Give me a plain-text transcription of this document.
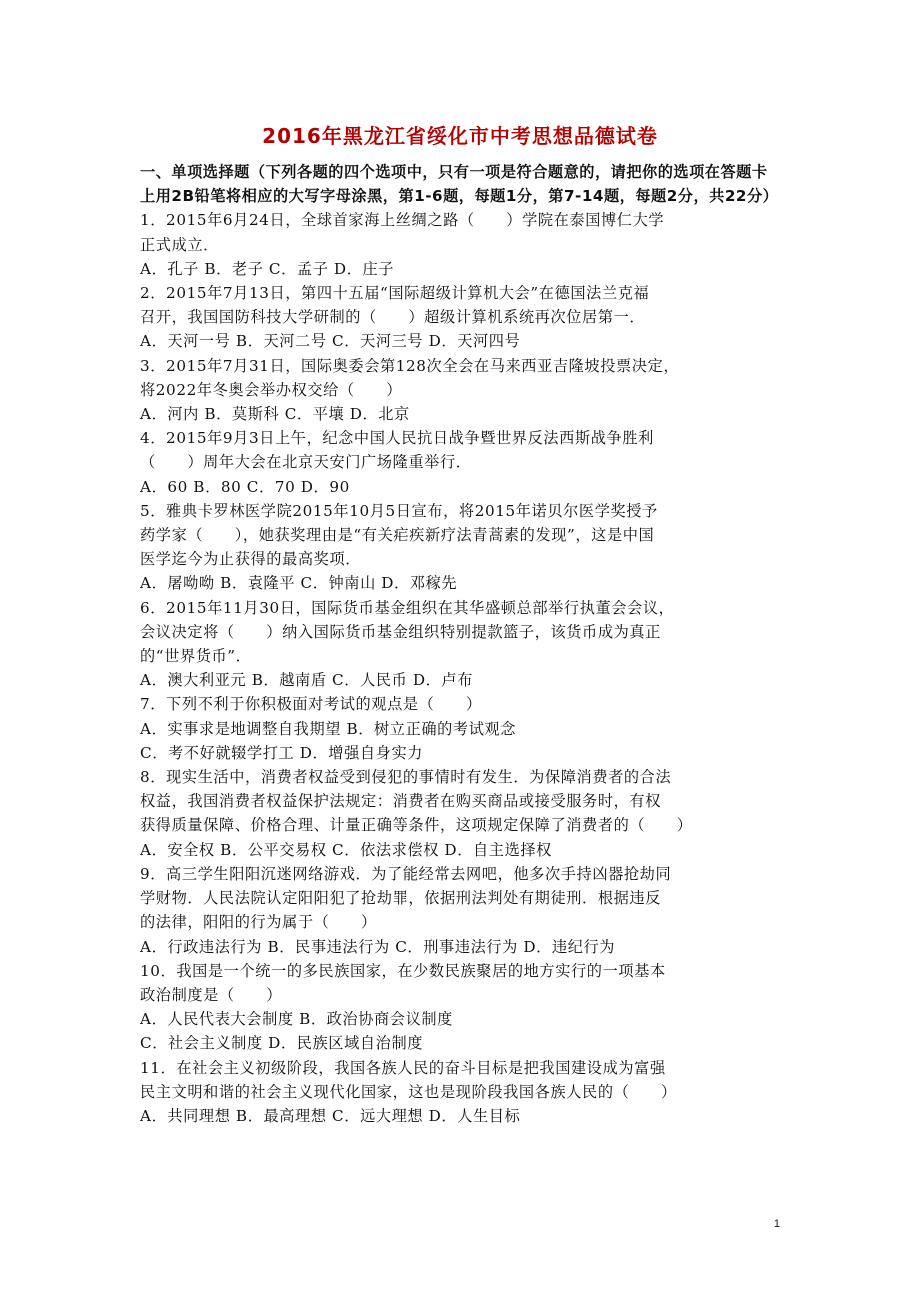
2016年黑龙江省绥化市中考思想品德试卷

一、单项选择题（下列各题的四个选项中，只有一项是符合题意的，请把你的选项在答题卡上用2B铅笔将相应的大写字母涂黑，第1-6题，每题1分，第7-14题，每题2分，共22分）

1．2015年6月24日，全球首家海上丝绸之路（　　）学院在泰国博仁大学
正式成立．
A．孔子 B．老子 C．孟子 D．庄子
2．2015年7月13日，第四十五届“国际超级计算机大会”在德国法兰克福
召开，我国国防科技大学研制的（　　）超级计算机系统再次位居第一．
A．天河一号 B．天河二号 C．天河三号 D．天河四号
3．2015年7月31日，国际奥委会第128次全会在马来西亚吉隆坡投票决定，
将2022年冬奥会举办权交给（　　）
A．河内 B．莫斯科 C．平壤 D．北京
4．2015年9月3日上午，纪念中国人民抗日战争暨世界反法西斯战争胜利
（　　）周年大会在北京天安门广场隆重举行．
A．60 B．80 C．70 D．90
5．雅典卡罗林医学院2015年10月5日宣布，将2015年诺贝尔医学奖授予
药学家（　　），她获奖理由是“有关疟疾新疗法青蒿素的发现”，这是中国
医学迄今为止获得的最高奖项．
A．屠呦呦 B．袁隆平 C．钟南山 D．邓稼先
6．2015年11月30日，国际货币基金组织在其华盛顿总部举行执董会会议，
会议决定将（　　）纳入国际货币基金组织特别提款篮子，该货币成为真正
的“世界货币”．
A．澳大利亚元 B．越南盾 C．人民币 D．卢布
7．下列不利于你积极面对考试的观点是（　　）
A．实事求是地调整自我期望 B．树立正确的考试观念
C．考不好就辍学打工 D．增强自身实力
8．现实生活中，消费者权益受到侵犯的事情时有发生．为保障消费者的合法
权益，我国消费者权益保护法规定：消费者在购买商品或接受服务时，有权
获得质量保障、价格合理、计量正确等条件，这项规定保障了消费者的（　　）
A．安全权 B．公平交易权 C．依法求偿权 D．自主选择权
9．高三学生阳阳沉迷网络游戏．为了能经常去网吧，他多次手持凶器抢劫同
学财物．人民法院认定阳阳犯了抢劫罪，依据刑法判处有期徒刑．根据违反
的法律，阳阳的行为属于（　　）
A．行政违法行为 B．民事违法行为 C．刑事违法行为 D．违纪行为
10．我国是一个统一的多民族国家，在少数民族聚居的地方实行的一项基本
政治制度是（　　）
A．人民代表大会制度 B．政治协商会议制度
C．社会主义制度 D．民族区域自治制度
11．在社会主义初级阶段，我国各族人民的奋斗目标是把我国建设成为富强
民主文明和谐的社会主义现代化国家，这也是现阶段我国各族人民的（　　）
A．共同理想 B．最高理想 C．远大理想 D．人生目标
1
